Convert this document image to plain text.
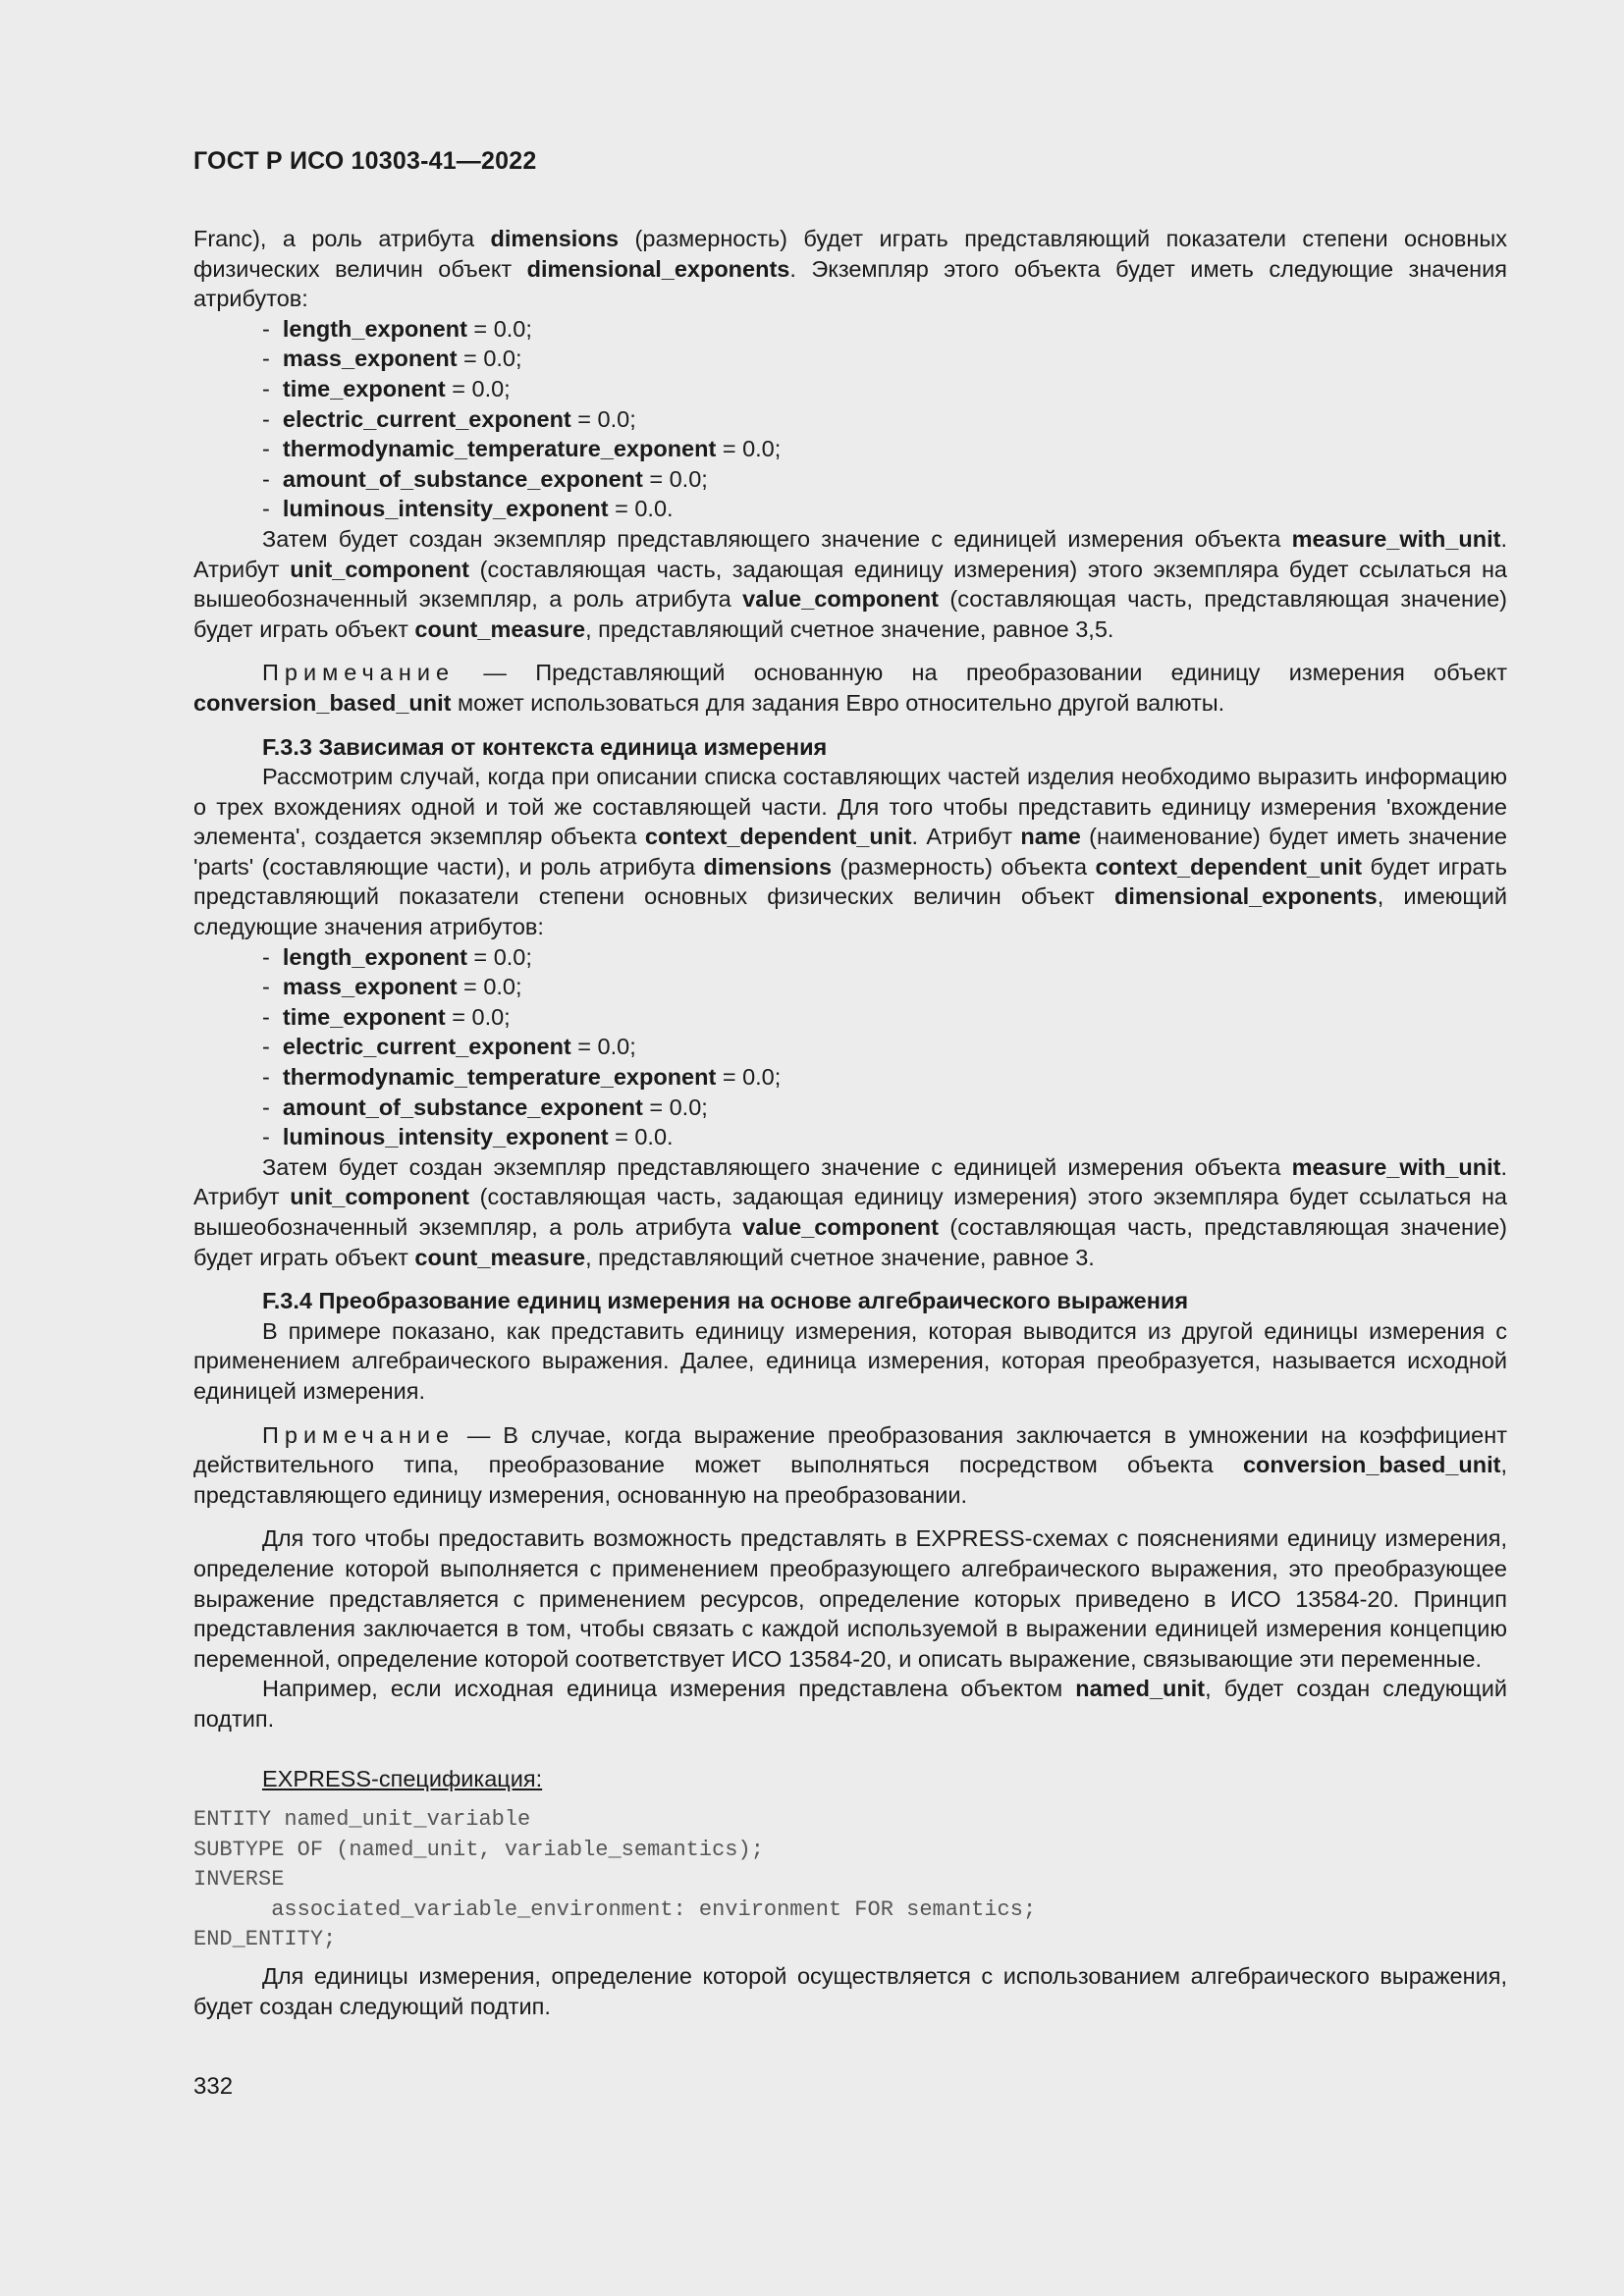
ГОСТ Р ИСО 10303-41—2022
Franc), а роль атрибута dimensions (размерность) будет играть представляющий показатели степени основных физических величин объект dimensional_exponents. Экземпляр этого объекта будет иметь следующие значения атрибутов:
-  length_exponent = 0.0;
-  mass_exponent = 0.0;
-  time_exponent = 0.0;
-  electric_current_exponent = 0.0;
-  thermodynamic_temperature_exponent = 0.0;
-  amount_of_substance_exponent = 0.0;
-  luminous_intensity_exponent = 0.0.
Затем будет создан экземпляр представляющего значение с единицей измерения объекта measure_with_unit. Атрибут unit_component (составляющая часть, задающая единицу измерения) этого экземпляра будет ссылаться на вышеобозначенный экземпляр, а роль атрибута value_component (составляющая часть, представляющая значение) будет играть объект count_measure, представляющий счетное значение, равное 3,5.
Примечание — Представляющий основанную на преобразовании единицу измерения объект conversion_based_unit может использоваться для задания Евро относительно другой валюты.
F.3.3 Зависимая от контекста единица измерения
Рассмотрим случай, когда при описании списка составляющих частей изделия необходимо выразить информацию о трех вхождениях одной и той же составляющей части. Для того чтобы представить единицу измерения 'вхождение элемента', создается экземпляр объекта context_dependent_unit. Атрибут name (наименование) будет иметь значение 'parts' (составляющие части), и роль атрибута dimensions (размерность) объекта context_dependent_unit будет играть представляющий показатели степени основных физических величин объект dimensional_exponents, имеющий следующие значения атрибутов:
-  length_exponent = 0.0;
-  mass_exponent = 0.0;
-  time_exponent = 0.0;
-  electric_current_exponent = 0.0;
-  thermodynamic_temperature_exponent = 0.0;
-  amount_of_substance_exponent = 0.0;
-  luminous_intensity_exponent = 0.0.
Затем будет создан экземпляр представляющего значение с единицей измерения объекта measure_with_unit. Атрибут unit_component (составляющая часть, задающая единицу измерения) этого экземпляра будет ссылаться на вышеобозначенный экземпляр, а роль атрибута value_component (составляющая часть, представляющая значение) будет играть объект count_measure, представляющий счетное значение, равное 3.
F.3.4 Преобразование единиц измерения на основе алгебраического выражения
В примере показано, как представить единицу измерения, которая выводится из другой единицы измерения с применением алгебраического выражения. Далее, единица измерения, которая преобразуется, называется исходной единицей измерения.
Примечание — В случае, когда выражение преобразования заключается в умножении на коэффициент действительного типа, преобразование может выполняться посредством объекта conversion_based_unit, представляющего единицу измерения, основанную на преобразовании.
Для того чтобы предоставить возможность представлять в EXPRESS-схемах с пояснениями единицу измерения, определение которой выполняется с применением преобразующего алгебраического выражения, это преобразующее выражение представляется с применением ресурсов, определение которых приведено в ИСО 13584-20. Принцип представления заключается в том, чтобы связать с каждой используемой в выражении единицей измерения концепцию переменной, определение которой соответствует ИСО 13584-20, и описать выражение, связывающие эти переменные.
Например, если исходная единица измерения представлена объектом named_unit, будет создан следующий подтип.
EXPRESS-спецификация:
ENTITY named_unit_variable
SUBTYPE OF (named_unit, variable_semantics);
INVERSE
associated_variable_environment: environment FOR semantics;
END_ENTITY;
Для единицы измерения, определение которой осуществляется с использованием алгебраического выражения, будет создан следующий подтип.
332
